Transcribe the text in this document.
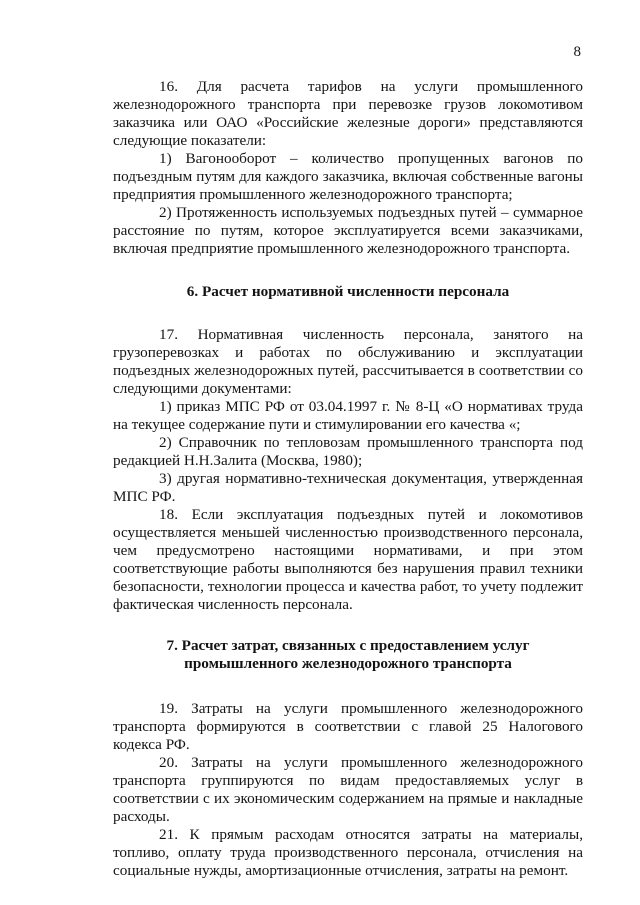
8

16. Для расчета тарифов на услуги промышленного железнодорожного транспорта при перевозке грузов локомотивом заказчика или ОАО «Российские железные дороги» представляются следующие показатели:

1) Вагонооборот – количество пропущенных вагонов по подъездным путям для каждого заказчика, включая собственные вагоны предприятия промышленного железнодорожного транспорта;

2) Протяженность используемых подъездных путей – суммарное расстояние по путям, которое эксплуатируется всеми заказчиками, включая предприятие промышленного железнодорожного транспорта.

6. Расчет нормативной численности персонала

17. Нормативная численность персонала, занятого на грузоперевозках и работах по обслуживанию и эксплуатации подъездных железнодорожных путей, рассчитывается в соответствии со следующими документами:

1) приказ МПС РФ от 03.04.1997 г. № 8-Ц «О нормативах труда на текущее содержание пути и стимулировании его качества «;

2) Справочник по тепловозам промышленного транспорта под редакцией Н.Н.Залита (Москва, 1980);

3) другая нормативно-техническая документация, утвержденная МПС РФ.

18. Если эксплуатация подъездных путей и локомотивов осуществляется меньшей численностью производственного персонала, чем предусмотрено настоящими нормативами, и при этом соответствующие работы выполняются без нарушения правил техники безопасности, технологии процесса и качества работ, то учету подлежит фактическая численность персонала.

7. Расчет затрат, связанных с предоставлением услуг
промышленного железнодорожного транспорта

19. Затраты на услуги промышленного железнодорожного транспорта формируются в соответствии с главой 25 Налогового кодекса РФ.

20. Затраты на услуги промышленного железнодорожного транспорта группируются по видам предоставляемых услуг в соответствии с их экономическим содержанием на прямые и накладные расходы.

21. К прямым расходам относятся затраты на материалы, топливо, оплату труда производственного персонала, отчисления на социальные нужды, амортизационные отчисления, затраты на ремонт.
